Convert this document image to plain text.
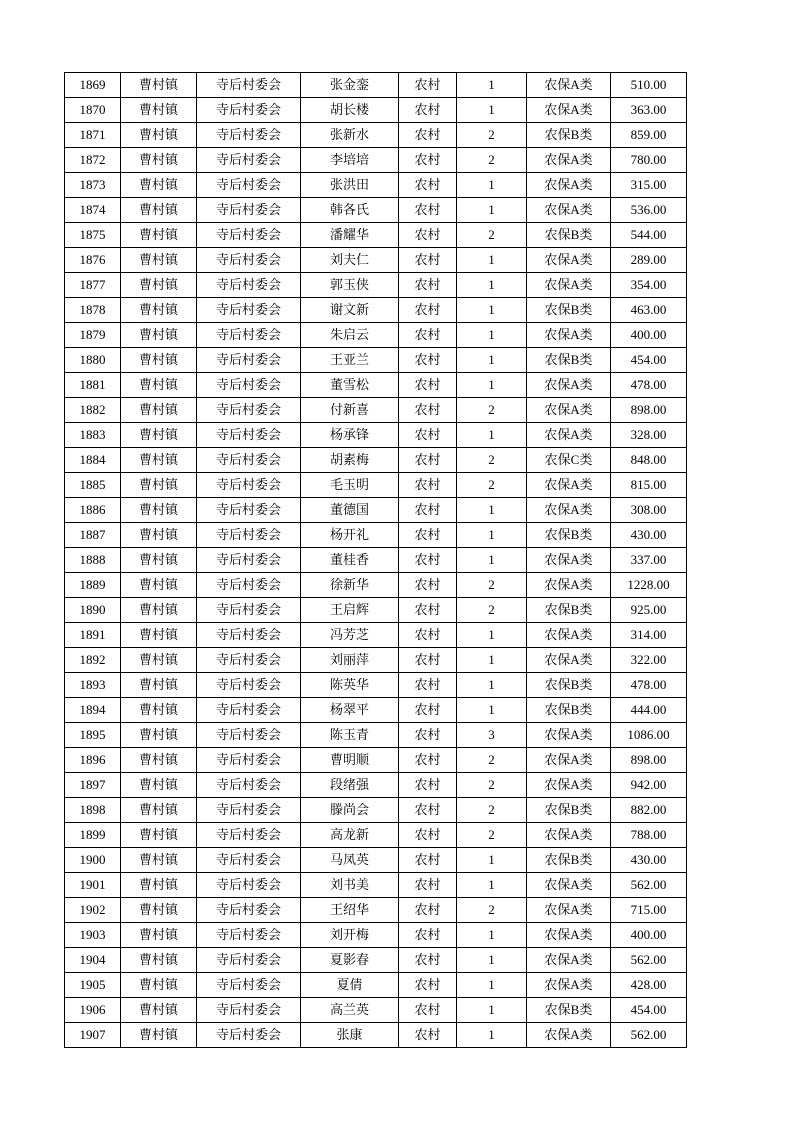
1869	曹村镇	寺后村委会	张金銮	农村	1	农保A类	510.00
1870	曹村镇	寺后村委会	胡长楼	农村	1	农保A类	363.00
1871	曹村镇	寺后村委会	张新水	农村	2	农保B类	859.00
1872	曹村镇	寺后村委会	李培培	农村	2	农保A类	780.00
1873	曹村镇	寺后村委会	张洪田	农村	1	农保A类	315.00
1874	曹村镇	寺后村委会	韩各氏	农村	1	农保A类	536.00
1875	曹村镇	寺后村委会	潘耀华	农村	2	农保B类	544.00
1876	曹村镇	寺后村委会	刘夫仁	农村	1	农保A类	289.00
1877	曹村镇	寺后村委会	郭玉侠	农村	1	农保A类	354.00
1878	曹村镇	寺后村委会	谢文新	农村	1	农保B类	463.00
1879	曹村镇	寺后村委会	朱启云	农村	1	农保A类	400.00
1880	曹村镇	寺后村委会	王亚兰	农村	1	农保B类	454.00
1881	曹村镇	寺后村委会	董雪松	农村	1	农保A类	478.00
1882	曹村镇	寺后村委会	付新喜	农村	2	农保A类	898.00
1883	曹村镇	寺后村委会	杨承锋	农村	1	农保A类	328.00
1884	曹村镇	寺后村委会	胡素梅	农村	2	农保C类	848.00
1885	曹村镇	寺后村委会	毛玉明	农村	2	农保A类	815.00
1886	曹村镇	寺后村委会	董德国	农村	1	农保A类	308.00
1887	曹村镇	寺后村委会	杨开礼	农村	1	农保B类	430.00
1888	曹村镇	寺后村委会	董桂香	农村	1	农保A类	337.00
1889	曹村镇	寺后村委会	徐新华	农村	2	农保A类	1228.00
1890	曹村镇	寺后村委会	王启辉	农村	2	农保B类	925.00
1891	曹村镇	寺后村委会	冯芳芝	农村	1	农保A类	314.00
1892	曹村镇	寺后村委会	刘丽萍	农村	1	农保A类	322.00
1893	曹村镇	寺后村委会	陈英华	农村	1	农保B类	478.00
1894	曹村镇	寺后村委会	杨翠平	农村	1	农保B类	444.00
1895	曹村镇	寺后村委会	陈玉青	农村	3	农保A类	1086.00
1896	曹村镇	寺后村委会	曹明顺	农村	2	农保A类	898.00
1897	曹村镇	寺后村委会	段绪强	农村	2	农保A类	942.00
1898	曹村镇	寺后村委会	滕尚会	农村	2	农保B类	882.00
1899	曹村镇	寺后村委会	高龙新	农村	2	农保A类	788.00
1900	曹村镇	寺后村委会	马凤英	农村	1	农保B类	430.00
1901	曹村镇	寺后村委会	刘书美	农村	1	农保A类	562.00
1902	曹村镇	寺后村委会	王绍华	农村	2	农保A类	715.00
1903	曹村镇	寺后村委会	刘开梅	农村	1	农保A类	400.00
1904	曹村镇	寺后村委会	夏影春	农村	1	农保A类	562.00
1905	曹村镇	寺后村委会	夏倩	农村	1	农保A类	428.00
1906	曹村镇	寺后村委会	高兰英	农村	1	农保B类	454.00
1907	曹村镇	寺后村委会	张康	农村	1	农保A类	562.00
